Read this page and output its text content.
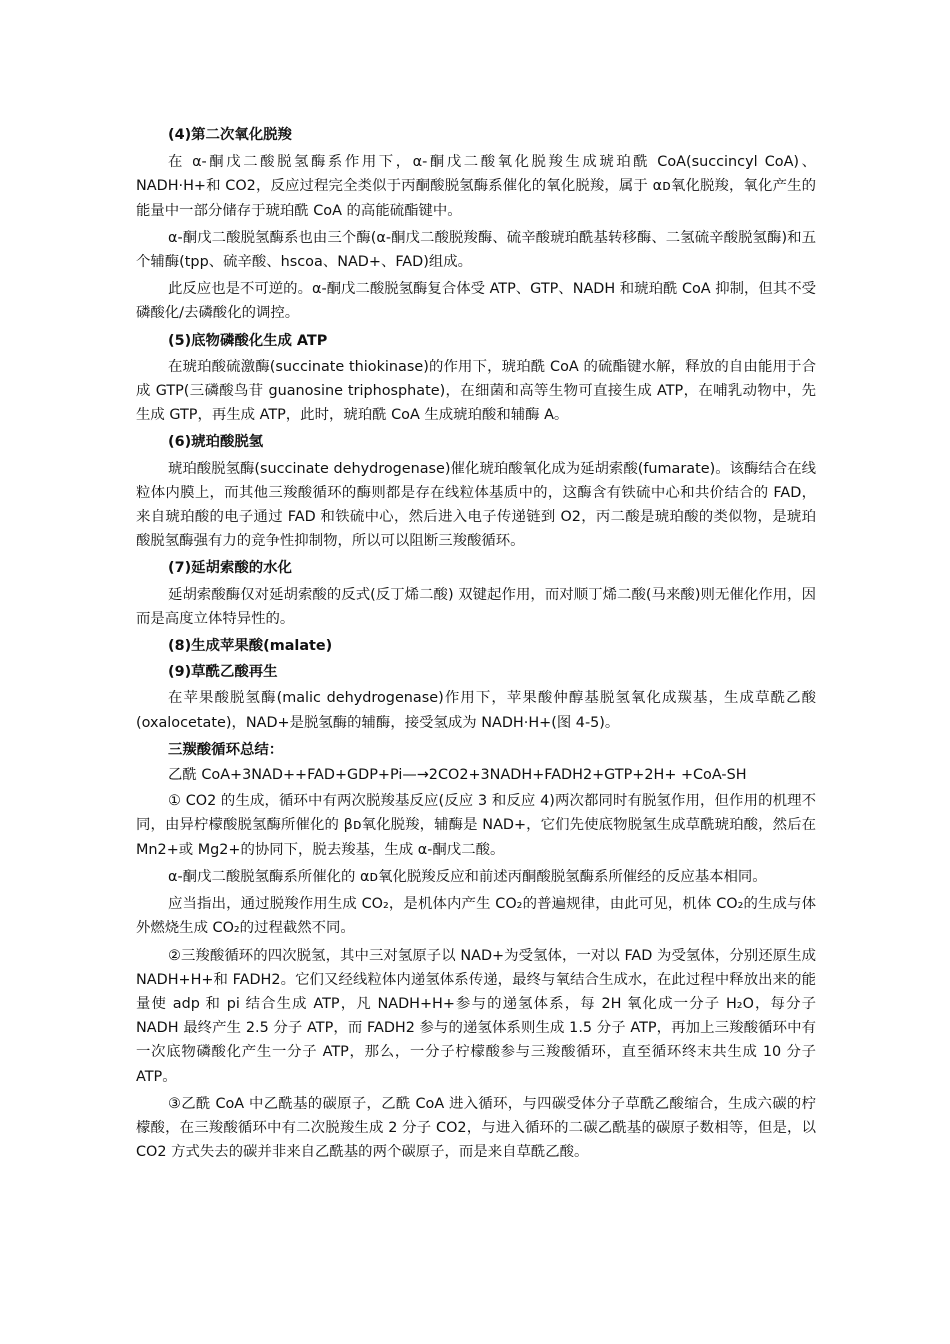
(4)第二次氧化脱羧

在 α-酮戊二酸脱氢酶系作用下，α-酮戊二酸氧化脱羧生成琥珀酰 CoA(succincyl CoA)、NADH·H+和 CO2，反应过程完全类似于丙酮酸脱氢酶系催化的氧化脱羧，属于 αᴅ氧化脱羧，氧化产生的能量中一部分储存于琥珀酰 CoA 的高能硫酯键中。

α-酮戊二酸脱氢酶系也由三个酶(α-酮戊二酸脱羧酶、硫辛酸琥珀酰基转移酶、二氢硫辛酸脱氢酶)和五个辅酶(tpp、硫辛酸、hscoa、NAD+、FAD)组成。

此反应也是不可逆的。α-酮戊二酸脱氢酶复合体受 ATP、GTP、NADH 和琥珀酰 CoA 抑制，但其不受磷酸化/去磷酸化的调控。

(5)底物磷酸化生成 ATP

在琥珀酸硫激酶(succinate thiokinase)的作用下，琥珀酰 CoA 的硫酯键水解，释放的自由能用于合成 GTP(三磷酸鸟苷 guanosine triphosphate)，在细菌和高等生物可直接生成 ATP，在哺乳动物中，先生成 GTP，再生成 ATP，此时，琥珀酰 CoA 生成琥珀酸和辅酶 A。

(6)琥珀酸脱氢

琥珀酸脱氢酶(succinate dehydrogenase)催化琥珀酸氧化成为延胡索酸(fumarate)。该酶结合在线粒体内膜上，而其他三羧酸循环的酶则都是存在线粒体基质中的，这酶含有铁硫中心和共价结合的 FAD，来自琥珀酸的电子通过 FAD 和铁硫中心，然后进入电子传递链到 O2，丙二酸是琥珀酸的类似物，是琥珀酸脱氢酶强有力的竞争性抑制物，所以可以阻断三羧酸循环。

(7)延胡索酸的水化

延胡索酸酶仅对延胡索酸的反式(反丁烯二酸) 双键起作用，而对顺丁烯二酸(马来酸)则无催化作用，因而是高度立体特异性的。

(8)生成苹果酸(malate)

(9)草酰乙酸再生

在苹果酸脱氢酶(malic dehydrogenase)作用下，苹果酸仲醇基脱氢氧化成羰基，生成草酰乙酸(oxalocetate)，NAD+是脱氢酶的辅酶，接受氢成为 NADH·H+(图 4-5)。

三羰酸循环总结：

乙酰 CoA+3NAD++FAD+GDP+Pi—→2CO2+3NADH+FADH2+GTP+2H+ +CoA-SH

① CO2 的生成，循环中有两次脱羧基反应(反应 3 和反应 4)两次都同时有脱氢作用，但作用的机理不同，由异柠檬酸脱氢酶所催化的 βᴅ氧化脱羧，辅酶是 NAD+，它们先使底物脱氢生成草酰琥珀酸，然后在 Mn2+或 Mg2+的协同下，脱去羧基，生成 α-酮戊二酸。

α-酮戊二酸脱氢酶系所催化的 αᴅ氧化脱羧反应和前述丙酮酸脱氢酶系所催经的反应基本相同。

应当指出，通过脱羧作用生成 CO₂，是机体内产生 CO₂的普遍规律，由此可见，机体 CO₂的生成与体外燃烧生成 CO₂的过程截然不同。

②三羧酸循环的四次脱氢，其中三对氢原子以 NAD+为受氢体，一对以 FAD 为受氢体，分别还原生成 NADH+H+和 FADH2。它们又经线粒体内递氢体系传递，最终与氧结合生成水，在此过程中释放出来的能量使 adp 和 pi 结合生成 ATP，凡 NADH+H+参与的递氢体系，每 2H 氧化成一分子 H₂O，每分子 NADH 最终产生 2.5 分子 ATP，而 FADH2 参与的递氢体系则生成 1.5 分子 ATP，再加上三羧酸循环中有一次底物磷酸化产生一分子 ATP，那么，一分子柠檬酸参与三羧酸循环，直至循环终末共生成 10 分子 ATP。

③乙酰 CoA 中乙酰基的碳原子，乙酰 CoA 进入循环，与四碳受体分子草酰乙酸缩合，生成六碳的柠檬酸，在三羧酸循环中有二次脱羧生成 2 分子 CO2，与进入循环的二碳乙酰基的碳原子数相等，但是，以 CO2 方式失去的碳并非来自乙酰基的两个碳原子，而是来自草酰乙酸。
